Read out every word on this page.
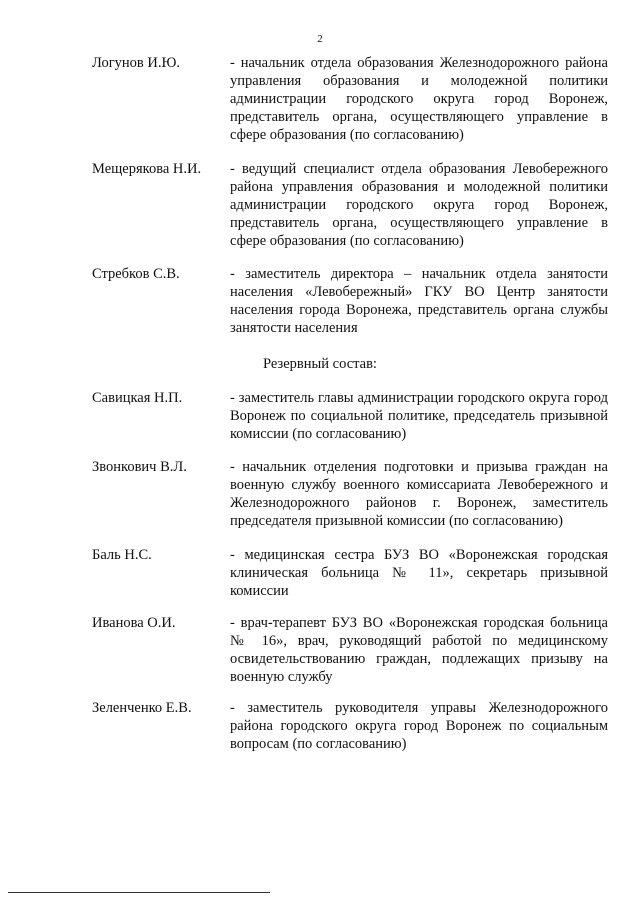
2
Логунов И.Ю.	- начальник отдела образования Железнодорожного района управления образования и молодежной политики администрации городского округа город Воронеж, представитель органа, осуществляющего управление в сфере образования (по согласованию)
Мещерякова Н.И.	- ведущий специалист отдела образования Левобережного района управления образования и молодежной политики администрации городского округа город Воронеж, представитель органа, осуществляющего управление в сфере образования (по согласованию)
Стребков С.В.	- заместитель директора – начальник отдела занятости населения «Левобережный» ГКУ ВО Центр занятости населения города Воронежа, представитель органа службы занятости населения
Резервный состав:
Савицкая Н.П.	- заместитель главы администрации городского округа город Воронеж по социальной политике, председатель призывной комиссии (по согласованию)
Звонкович В.Л.	- начальник отделения подготовки и призыва граждан на военную службу военного комиссариата Левобережного и Железнодорожного районов г. Воронеж, заместитель председателя призывной комиссии (по согласованию)
Баль Н.С.	- медицинская сестра БУЗ ВО «Воронежская городская клиническая больница № 11», секретарь призывной комиссии
Иванова О.И.	- врач-терапевт БУЗ ВО «Воронежская городская больница № 16», врач, руководящий работой по медицинскому освидетельствованию граждан, подлежащих призыву на военную службу
Зеленченко Е.В.	- заместитель руководителя управы Железнодорожного района городского округа город Воронеж по социальным вопросам (по согласованию)
